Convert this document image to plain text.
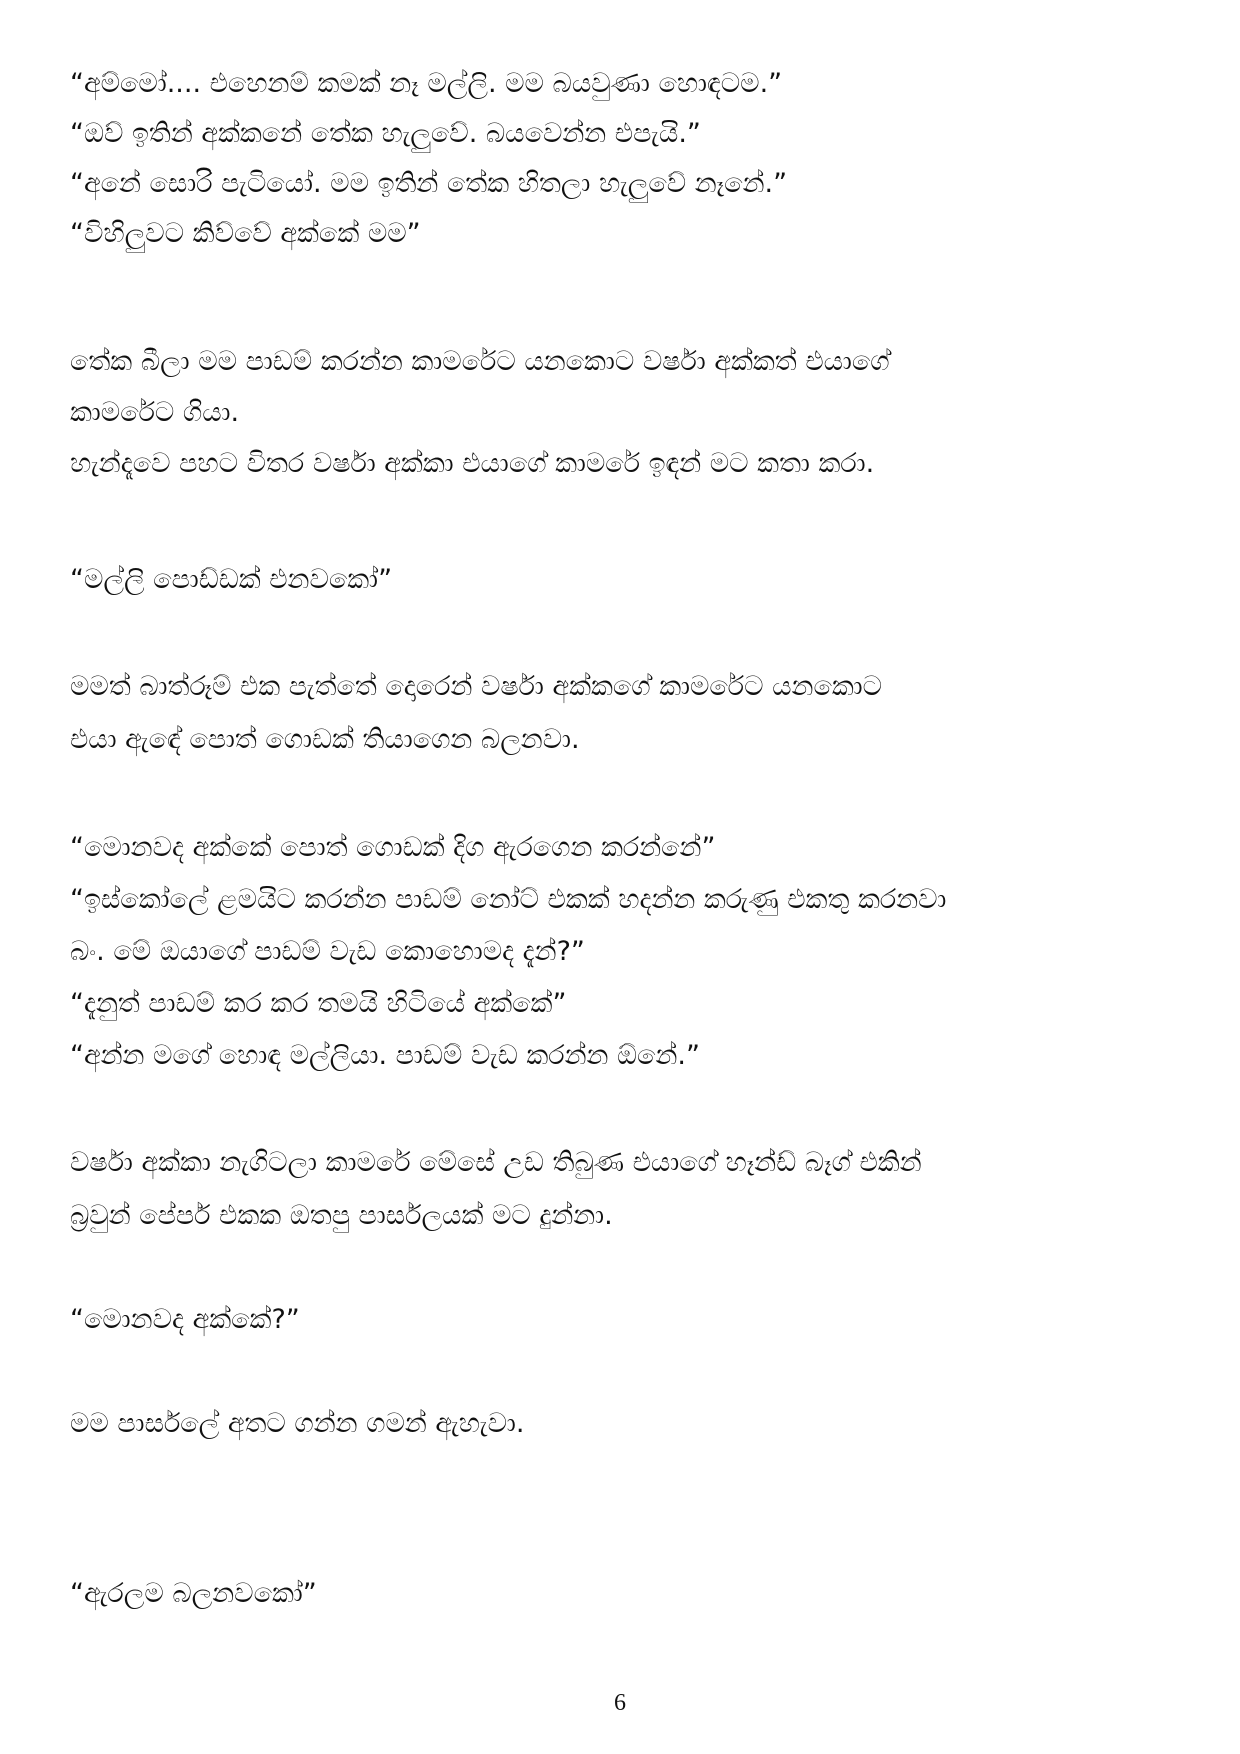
“අම්මෝ.... එහෙනම් කමක් නෑ මල්ලි. මම බයවුණා හොඳටම.”
“ඔව් ඉතින් අක්කනේ තේක හැලුවේ. බයවෙන්න එපැයි.”
“අනේ සොරි පැටියෝ. මම ඉතින් තේක හිතලා හැලුවේ නෑනේ.”
“විහිලුවට කිව්වේ අක්කේ මම”
තේක බීලා මම පාඩම් කරන්න කාමරේට යනකොට වර්ෂා අක්කත් එයාගේ
කාමරේට ගියා.
හැන්දෑවෙ පහට විතර වර්ෂා අක්කා එයාගේ කාමරේ ඉඳන් මට කතා කරා.
“මල්ලි පොඩ්ඩක් එනවකෝ”
මමත් බාත්රූම් එක පැත්තේ දොරෙන් වර්ෂා අක්කගේ කාමරේට යනකොට
එයා ඇඳේ පොත් ගොඩක් තියාගෙන බලනවා.
“මොනවද අක්කේ පොත් ගොඩක් දිග ඇරගෙන කරන්නේ”
“ඉස්කෝලේ ළමයිට කරන්න පාඩම් නෝට් එකක් හදන්න කරුණු එකතු කරනවා
බං. මේ ඔයාගේ පාඩම් වැඩ කොහොමද දැන්?”
“දැනුත් පාඩම් කර කර තමයි හිටියේ අක්කේ”
“අන්න මගේ හොඳ මල්ලියා. පාඩම් වැඩ කරන්න ඕනේ.”
වර්ෂා අක්කා නැගිටලා කාමරේ මේසේ උඩ තිබුණ එයාගේ හෑන්ඩ් බෑග් එකින්
බ්‍රවුන් පේපර් එකක ඔතපු පාර්සලයක් මට දුන්නා.
“මොනවද අක්කේ?”
මම පාර්සලේ අතට ගන්න ගමන් ඇහැවා.
“ඇරලම බලනවකෝ”
6
